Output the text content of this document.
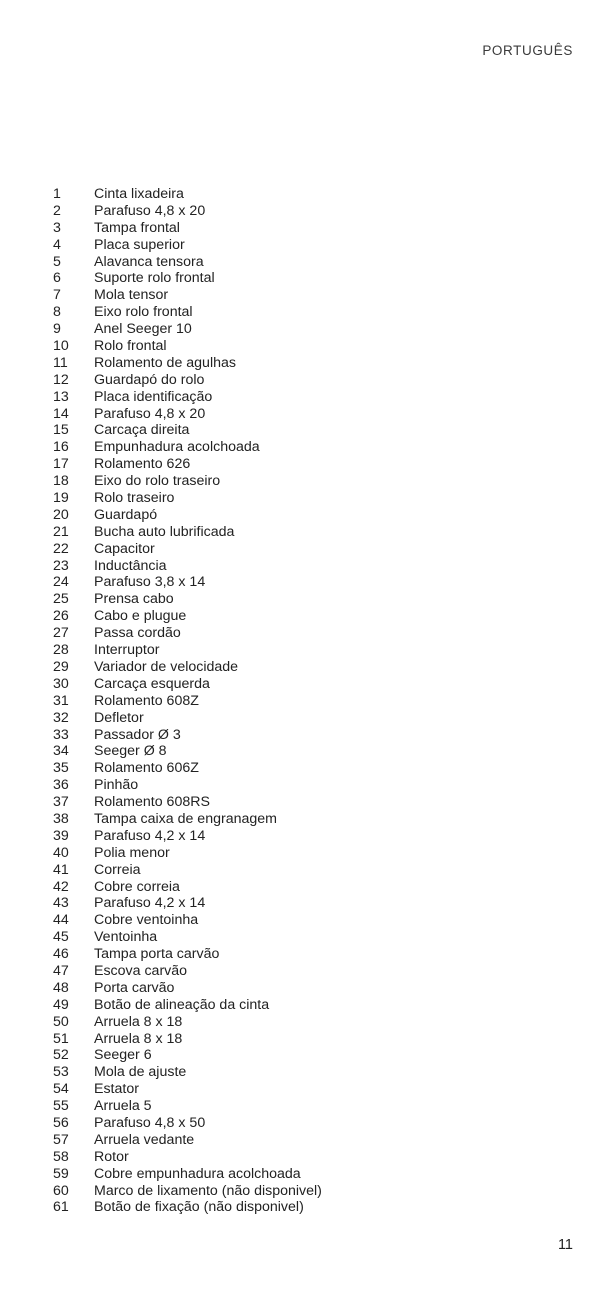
PORTUGUÊS
1	Cinta lixadeira
2	Parafuso 4,8 x 20
3	Tampa frontal
4	Placa superior
5	Alavanca tensora
6	Suporte rolo frontal
7	Mola tensor
8	Eixo rolo frontal
9	Anel Seeger 10
10	Rolo frontal
11	Rolamento de agulhas
12	Guardapó do rolo
13	Placa identificação
14	Parafuso 4,8 x 20
15	Carcaça direita
16	Empunhadura acolchoada
17	Rolamento 626
18	Eixo do rolo traseiro
19	Rolo traseiro
20	Guardapó
21	Bucha auto lubrificada
22	Capacitor
23	Inductância
24	Parafuso 3,8 x 14
25	Prensa cabo
26	Cabo e plugue
27	Passa cordão
28	Interruptor
29	Variador de velocidade
30	Carcaça esquerda
31	Rolamento 608Z
32	Defletor
33	Passador Ø 3
34	Seeger Ø 8
35	Rolamento 606Z
36	Pinhão
37	Rolamento 608RS
38	Tampa caixa de engranagem
39	Parafuso 4,2 x 14
40	Polia menor
41	Correia
42	Cobre correia
43	Parafuso 4,2 x 14
44	Cobre ventoinha
45	Ventoinha
46	Tampa porta carvão
47	Escova carvão
48	Porta carvão
49	Botão de alineação da cinta
50	Arruela 8 x 18
51	Arruela 8 x 18
52	Seeger 6
53	Mola de ajuste
54	Estator
55	Arruela 5
56	Parafuso 4,8 x 50
57	Arruela vedante
58	Rotor
59	Cobre empunhadura acolchoada
60	Marco de lixamento (não disponivel)
61	Botão de fixação (não disponivel)
11
